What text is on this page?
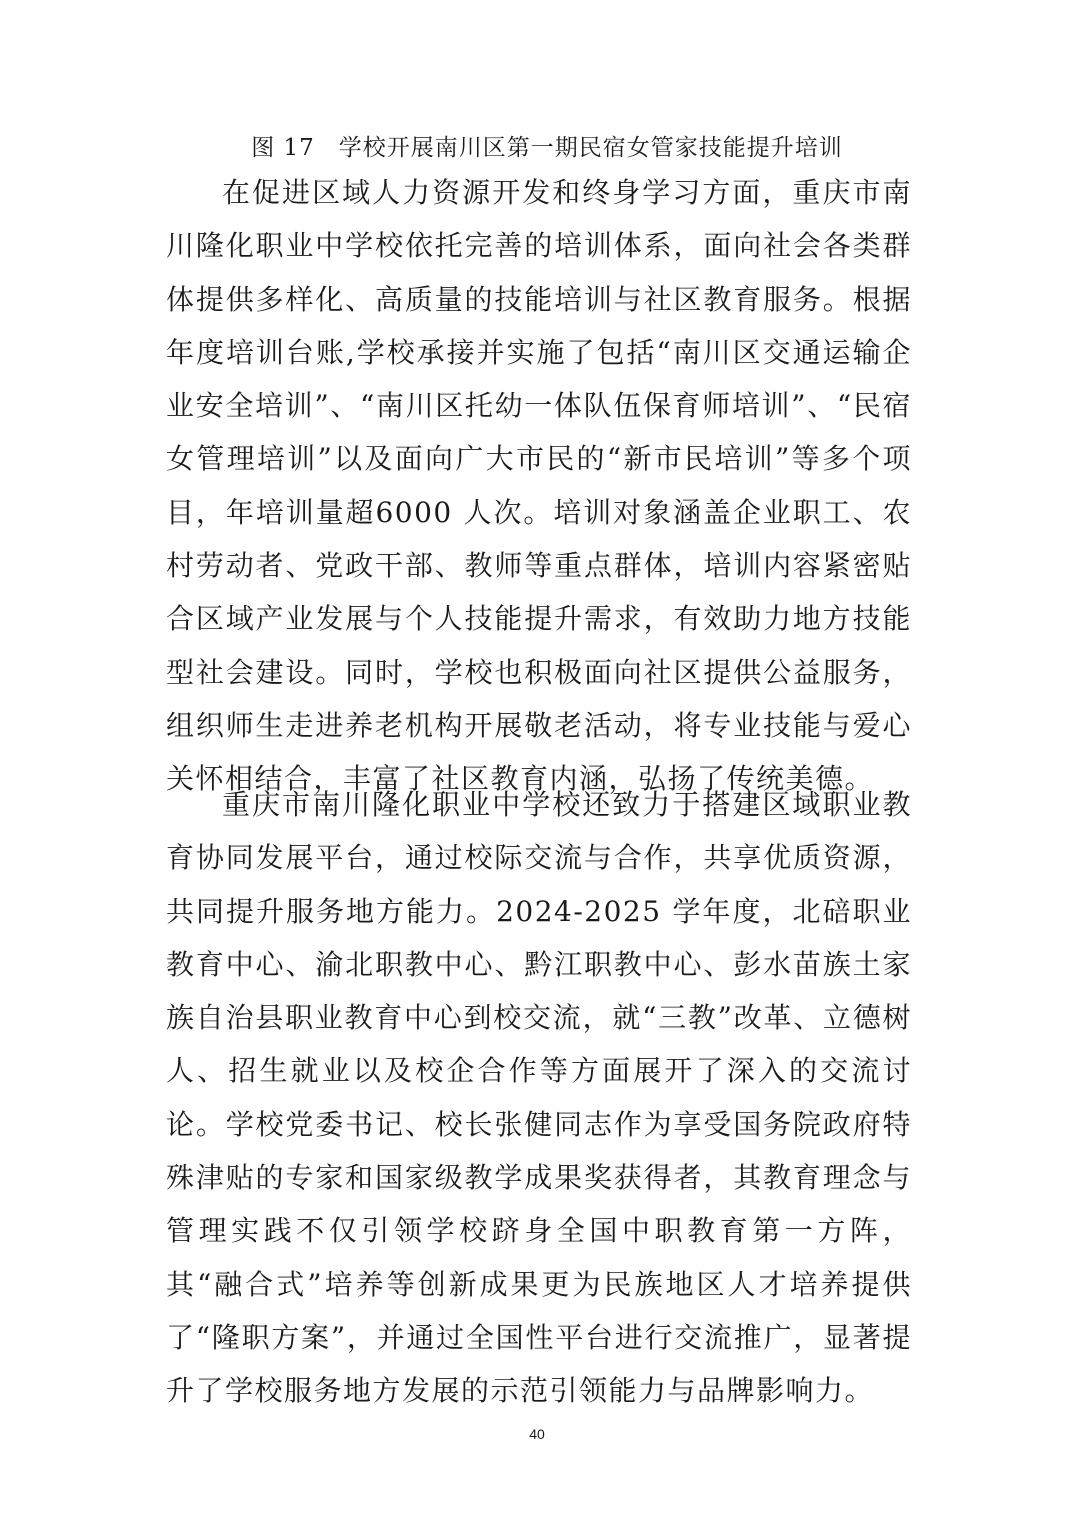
图 17　学校开展南川区第一期民宿女管家技能提升培训

在促进区域人力资源开发和终身学习方面，重庆市南川隆化职业中学校依托完善的培训体系，面向社会各类群体提供多样化、高质量的技能培训与社区教育服务。根据年度培训台账,学校承接并实施了包括“南川区交通运输企业安全培训”、“南川区托幼一体队伍保育师培训”、“民宿女管理培训”以及面向广大市民的“新市民培训”等多个项目，年培训量超6000 人次。培训对象涵盖企业职工、农村劳动者、党政干部、教师等重点群体，培训内容紧密贴合区域产业发展与个人技能提升需求，有效助力地方技能型社会建设。同时，学校也积极面向社区提供公益服务，组织师生走进养老机构开展敬老活动，将专业技能与爱心关怀相结合，丰富了社区教育内涵，弘扬了传统美德。

重庆市南川隆化职业中学校还致力于搭建区域职业教育协同发展平台，通过校际交流与合作，共享优质资源，共同提升服务地方能力。2024-2025 学年度，北碚职业教育中心、渝北职教中心、黔江职教中心、彭水苗族土家族自治县职业教育中心到校交流，就“三教”改革、立德树人、招生就业以及校企合作等方面展开了深入的交流讨论。学校党委书记、校长张健同志作为享受国务院政府特殊津贴的专家和国家级教学成果奖获得者，其教育理念与管理实践不仅引领学校跻身全国中职教育第一方阵，其“融合式”培养等创新成果更为民族地区人才培养提供了“隆职方案”，并通过全国性平台进行交流推广，显著提升了学校服务地方发展的示范引领能力与品牌影响力。

40
